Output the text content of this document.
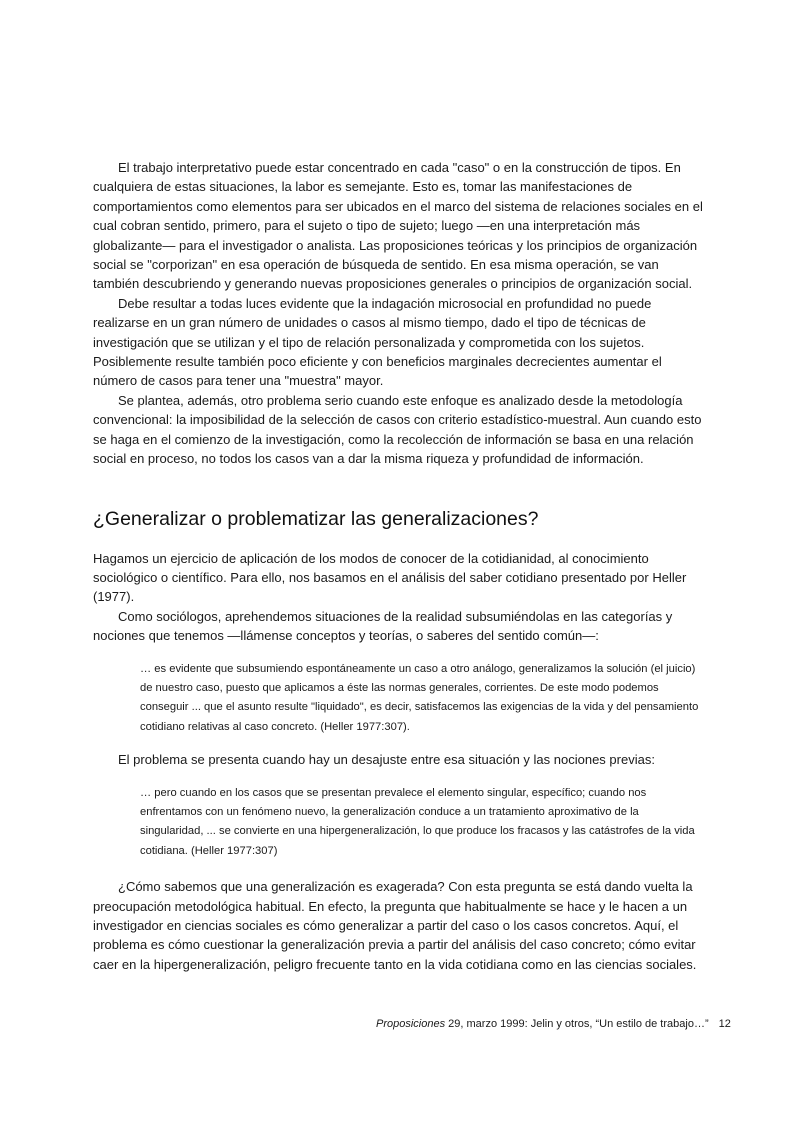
El trabajo interpretativo puede estar concentrado en cada "caso" o en la construcción de tipos. En cualquiera de estas situaciones, la labor es semejante. Esto es, tomar las manifestaciones de comportamientos como elementos para ser ubicados en el marco del sistema de relaciones sociales en el cual cobran sentido, primero, para el sujeto o tipo de sujeto; luego —en una interpretación más globalizante— para el investigador o analista. Las proposiciones teóricas y los principios de organización social se "corporizan" en esa operación de búsqueda de sentido. En esa misma operación, se van también descubriendo y generando nuevas proposiciones generales o principios de organización social.

Debe resultar a todas luces evidente que la indagación microsocial en profundidad no puede realizarse en un gran número de unidades o casos al mismo tiempo, dado el tipo de técnicas de investigación que se utilizan y el tipo de relación personalizada y comprometida con los sujetos. Posiblemente resulte también poco eficiente y con beneficios marginales decrecientes aumentar el número de casos para tener una "muestra" mayor.

Se plantea, además, otro problema serio cuando este enfoque es analizado desde la metodología convencional: la imposibilidad de la selección de casos con criterio estadístico-muestral. Aun cuando esto se haga en el comienzo de la investigación, como la recolección de información se basa en una relación social en proceso, no todos los casos van a dar la misma riqueza y profundidad de información.

¿Generalizar o problematizar las generalizaciones?

Hagamos un ejercicio de aplicación de los modos de conocer de la cotidianidad, al conocimiento sociológico o científico. Para ello, nos basamos en el análisis del saber cotidiano presentado por Heller (1977).

Como sociólogos, aprehendemos situaciones de la realidad subsumiéndolas en las categorías y nociones que tenemos —llámense conceptos y teorías, o saberes del sentido común—:

… es evidente que subsumiendo espontáneamente un caso a otro análogo, generalizamos la solución (el juicio) de nuestro caso, puesto que aplicamos a éste las normas generales, corrientes. De este modo podemos conseguir ... que el asunto resulte "liquidado", es decir, satisfacemos las exigencias de la vida y del pensamiento cotidiano relativas al caso concreto. (Heller 1977:307).

El problema se presenta cuando hay un desajuste entre esa situación y las nociones previas:

… pero cuando en los casos que se presentan prevalece el elemento singular, específico; cuando nos enfrentamos con un fenómeno nuevo, la generalización conduce a un tratamiento aproximativo de la singularidad, ... se convierte en una hipergeneralización, lo que produce los fracasos y las catástrofes de la vida cotidiana. (Heller 1977:307)

¿Cómo sabemos que una generalización es exagerada? Con esta pregunta se está dando vuelta la preocupación metodológica habitual. En efecto, la pregunta que habitualmente se hace y le hacen a un investigador en ciencias sociales es cómo generalizar a partir del caso o los casos concretos. Aquí, el problema es cómo cuestionar la generalización previa a partir del análisis del caso concreto; cómo evitar caer en la hipergeneralización, peligro frecuente tanto en la vida cotidiana como en las ciencias sociales.

Proposiciones 29, marzo 1999: Jelin y otros, “Un estilo de trabajo…” 12
